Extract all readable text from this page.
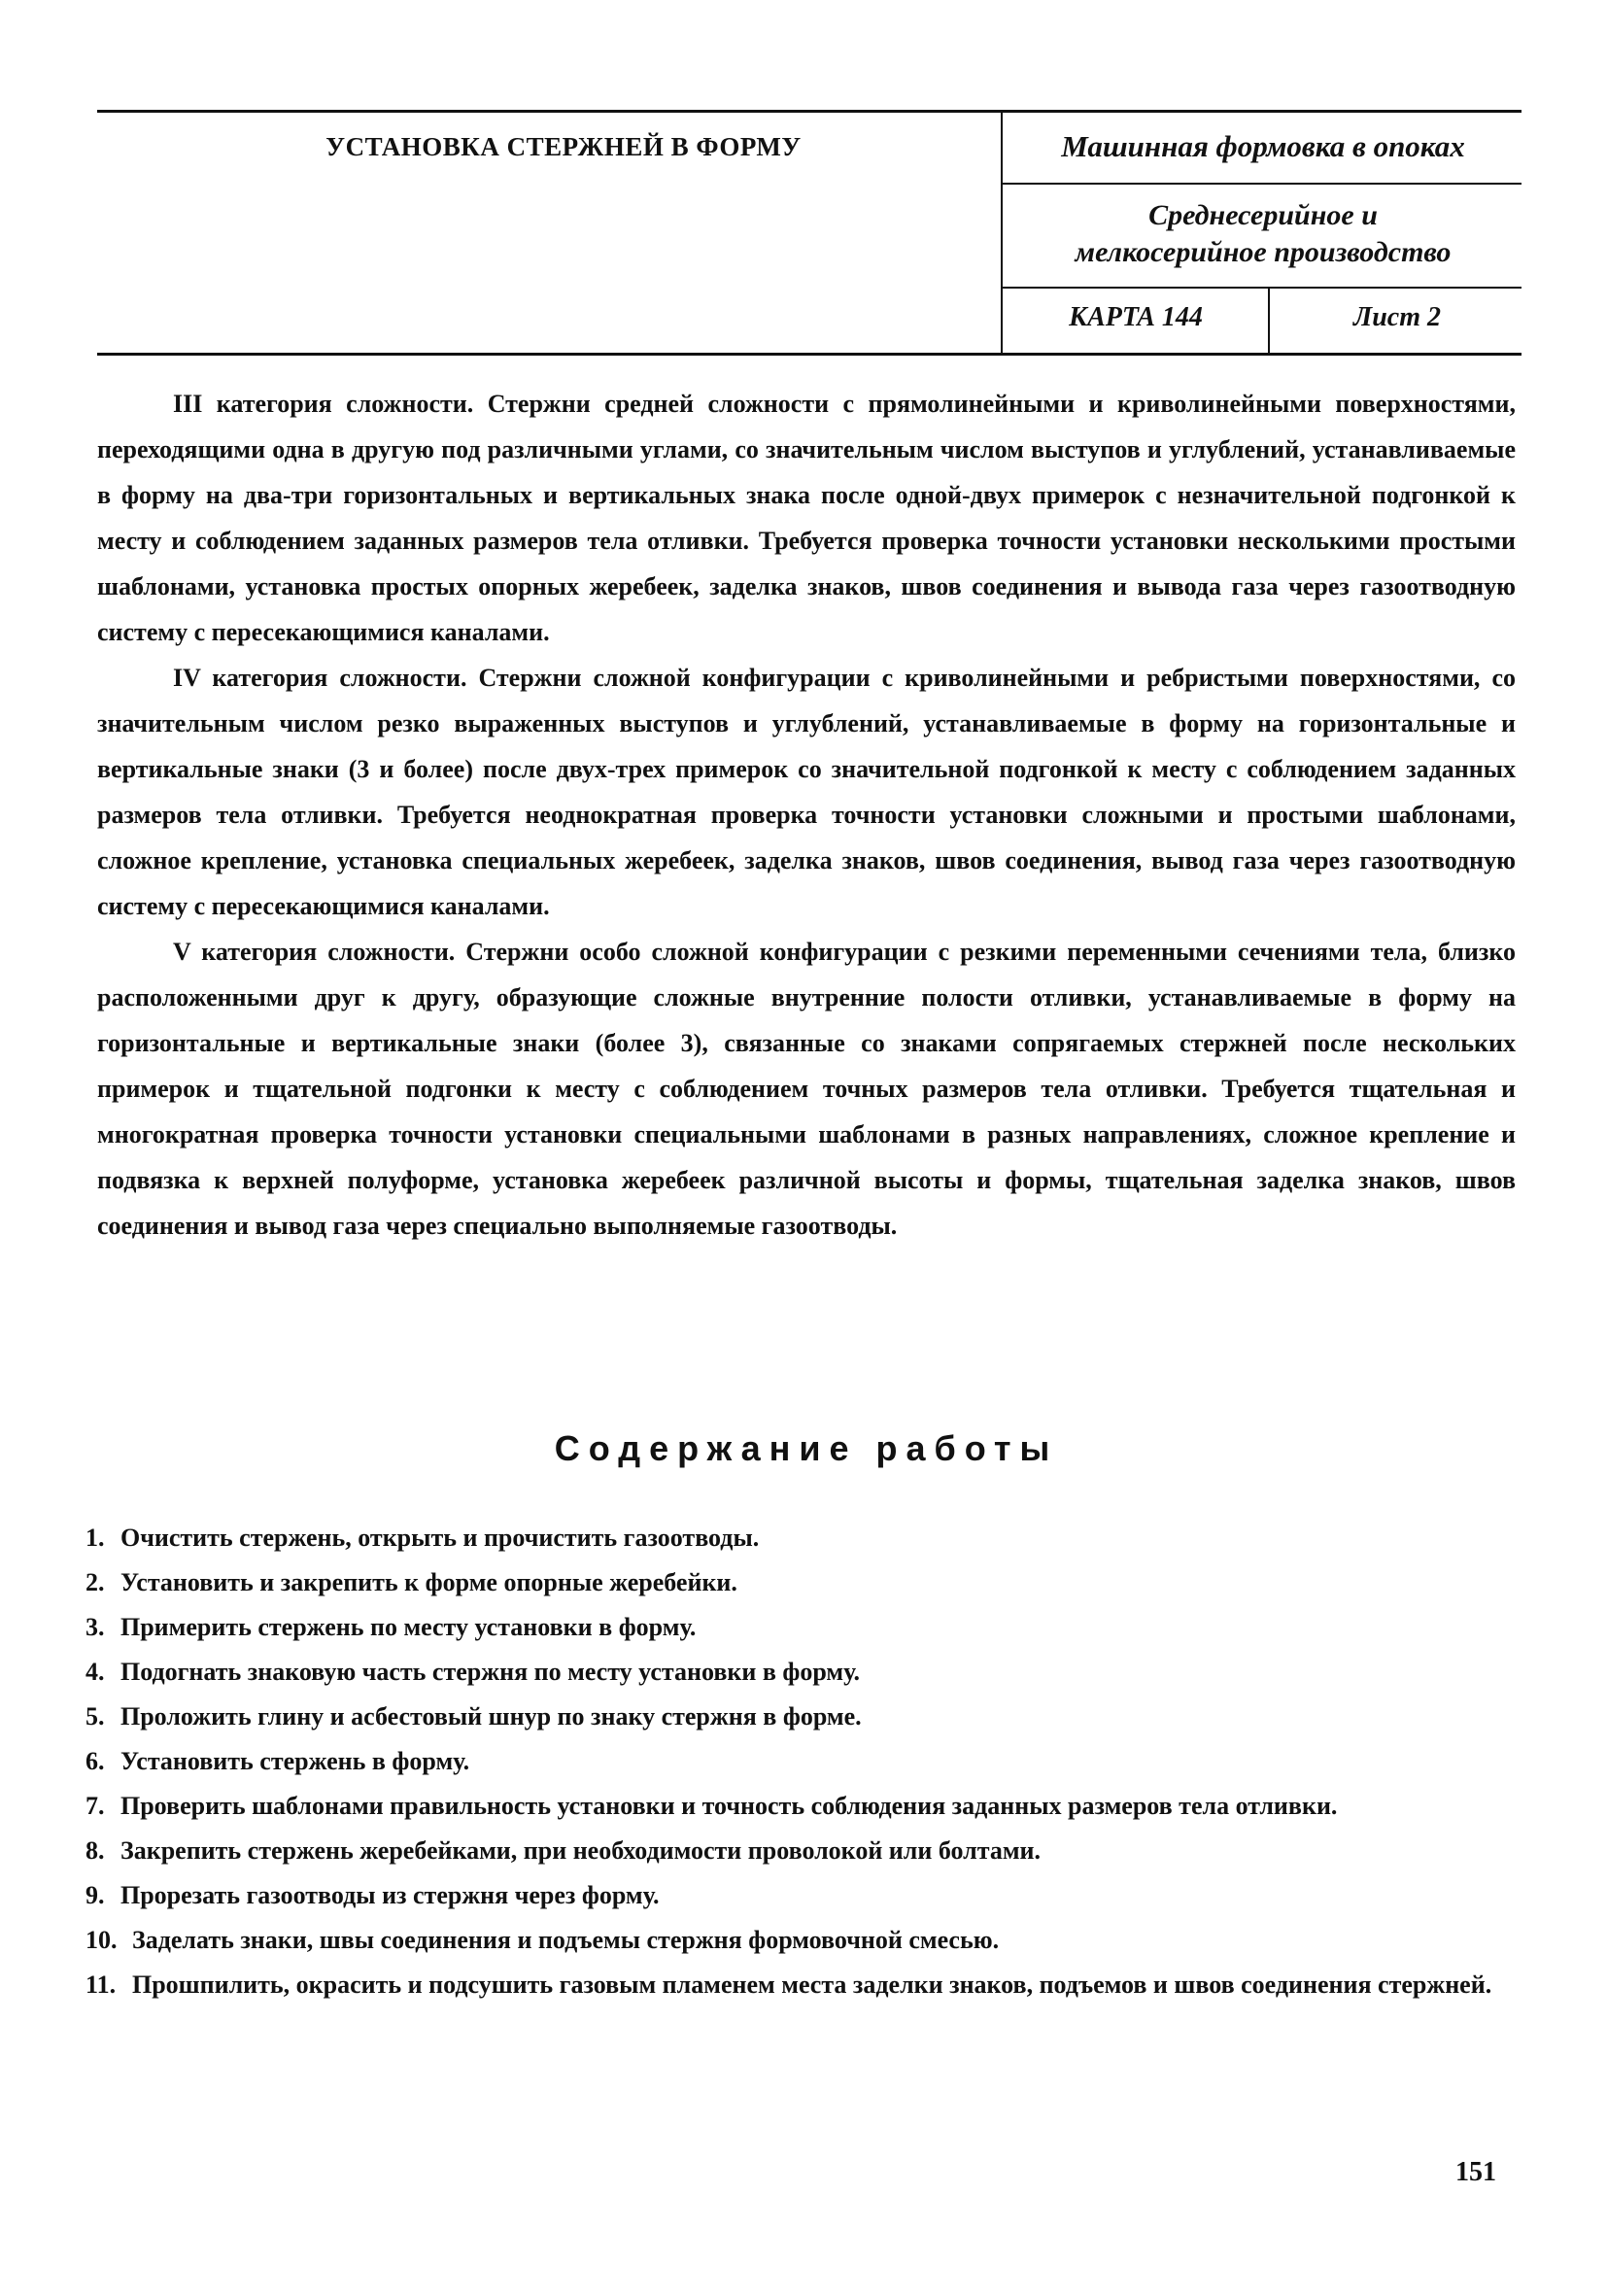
УСТАНОВКА СТЕРЖНЕЙ В ФОРМУ	Машинная формовка в опоках
Среднесерийное и
мелкосерийное производство
КАРТА 144	Лист 2

III категория сложности. Стержни средней сложности с прямолинейными и криволинейными поверхностями, переходящими одна в другую под различными углами, со значительным числом выступов и углублений, устанавливаемые в форму на два-три горизонтальных и вертикальных знака после одной-двух примерок с незначительной подгонкой к месту и соблюдением заданных размеров тела отливки. Требуется проверка точности установки несколькими простыми шаблонами, установка простых опорных жеребеек, заделка знаков, швов соединения и вывода газа через газоотводную систему с пересекающимися каналами.

IV категория сложности. Стержни сложной конфигурации с криволинейными и ребристыми поверхностями, со значительным числом резко выраженных выступов и углублений, устанавливаемые в форму на горизонтальные и вертикальные знаки (3 и более) после двух-трех примерок со значительной подгонкой к месту с соблюдением заданных размеров тела отливки. Требуется неоднократная проверка точности установки сложными и простыми шаблонами, сложное крепление, установка специальных жеребеек, заделка знаков, швов соединения, вывод газа через газоотводную систему с пересекающимися каналами.

V категория сложности. Стержни особо сложной конфигурации с резкими переменными сечениями тела, близко расположенными друг к другу, образующие сложные внутренние полости отливки, устанавливаемые в форму на горизонтальные и вертикальные знаки (более 3), связанные со знаками сопрягаемых стержней после нескольких примерок и тщательной подгонки к месту с соблюдением точных размеров тела отливки. Требуется тщательная и многократная проверка точности установки специальными шаблонами в разных направлениях, сложное крепление и подвязка к верхней полуформе, установка жеребеек различной высоты и формы, тщательная заделка знаков, швов соединения и вывод газа через специально выполняемые газоотводы.

Содержание работы
1. Очистить стержень, открыть и прочистить газоотводы.
2. Установить и закрепить к форме опорные жеребейки.
3. Примерить стержень по месту установки в форму.
4. Подогнать знаковую часть стержня по месту установки в форму.
5. Проложить глину и асбестовый шнур по знаку стержня в форме.
6. Установить стержень в форму.
7. Проверить шаблонами правильность установки и точность соблюдения заданных размеров тела отливки.
8. Закрепить стержень жеребейками, при необходимости проволокой или болтами.
9. Прорезать газоотводы из стержня через форму.
10. Заделать знаки, швы соединения и подъемы стержня формовочной смесью.
11. Прошпилить, окрасить и подсушить газовым пламенем места заделки знаков, подъемов и швов соединения стержней.
151
